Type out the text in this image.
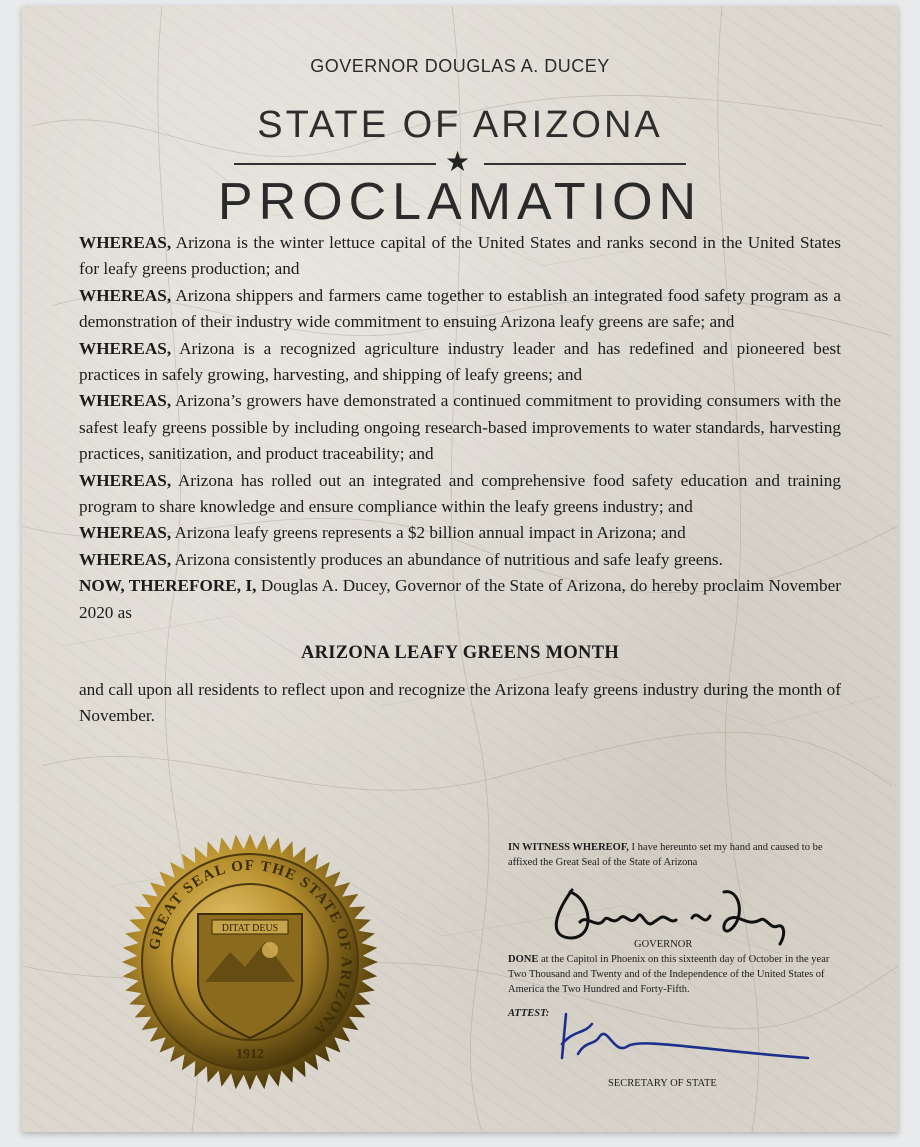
GOVERNOR DOUGLAS A. DUCEY
STATE OF ARIZONA
★
PROCLAMATION

WHEREAS, Arizona is the winter lettuce capital of the United States and ranks second in the United States for leafy greens production; and

WHEREAS, Arizona shippers and farmers came together to establish an integrated food safety program as a demonstration of their industry wide commitment to ensuing Arizona leafy greens are safe; and

WHEREAS, Arizona is a recognized agriculture industry leader and has redefined and pioneered best practices in safely growing, harvesting, and shipping of leafy greens; and

WHEREAS, Arizona’s growers have demonstrated a continued commitment to providing consumers with the safest leafy greens possible by including ongoing research-based improvements to water standards, harvesting practices, sanitization, and product traceability; and

WHEREAS, Arizona has rolled out an integrated and comprehensive food safety education and training program to share knowledge and ensure compliance within the leafy greens industry; and

WHEREAS, Arizona leafy greens represents a $2 billion annual impact in Arizona; and

WHEREAS, Arizona consistently produces an abundance of nutritious and safe leafy greens.

NOW, THEREFORE, I, Douglas A. Ducey, Governor of the State of Arizona, do hereby proclaim November 2020 as

ARIZONA LEAFY GREENS MONTH

and call upon all residents to reflect upon and recognize the Arizona leafy greens industry during the month of November.

GREAT SEAL OF THE STATE OF ARIZONA
DITAT DEUS
1912
IN WITNESS WHEREOF, I have hereunto set my hand and caused to be affixed the Great Seal of the State of Arizona
GOVERNOR
DONE at the Capitol in Phoenix on this sixteenth day of October in the year Two Thousand and Twenty and of the Independence of the United States of America the Two Hundred and Forty-Fifth.
ATTEST:
SECRETARY OF STATE
